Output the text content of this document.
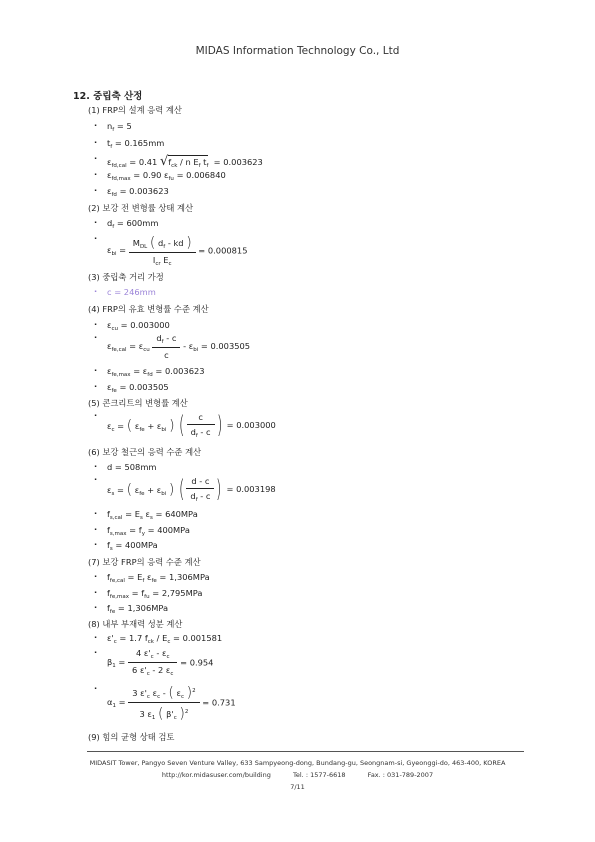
MIDAS Information Technology Co., Ltd
12. 중립축 산정
(1) FRP의 설계 응력 계산
· $n_f = 5$
· $t_f = 0.165mm$
· $\varepsilon_{fd,cal} = 0.41$ $√f_{ck}$ / n $E_f$ $t_f = 0.003623$
· $\varepsilon_{fd,max} = 0.90$ $\varepsilon_{fu} = 0.006840$
· $\varepsilon_{fd} = 0.003623$
(2) 보강 전 변형률 상태 계산
· $d_f = 600mm$
· $\varepsilon_{bi} = \frac{M_{DL} ( d_f - kd )}{I_{cr} E_c} = 0.000815$
(3) 중립축 거리 가정
· c = 246mm
(4) FRP의 유효 변형률 수준 계산
· $\varepsilon_{cu} = 0.003000$
· $\varepsilon_{fe,cal} = \varepsilon_{cu} \frac{d_f - c}{c} - \varepsilon_{bi} = 0.003505$
· $\varepsilon_{fe,max} = \varepsilon_{fd} = 0.003623$
· $\varepsilon_{fe} = 0.003505$
(5) 콘크리트의 변형률 계산
· $\varepsilon_c$ = ( $\varepsilon_{fe} + \varepsilon_{bi}$ ) ( $\frac{c}{d_f - c}$ ) = 0.003000
(6) 보강 철근의 응력 수준 계산
· d = 508mm
· $\varepsilon_s$ = ( $\varepsilon_{fe} + \varepsilon_{bi}$ ) ( $\frac{d - c}{d_f - c}$ ) = 0.003198
· $f_{s,cal} = E_s$ $\varepsilon_s = 640MPa$
· $f_{s,max} = f_y = 400MPa$
· $f_s = 400MPa$
(7) 보강 FRP의 응력 수준 계산
· $f_{fe,cal} = E_f$ $\varepsilon_{fe} = 1,306MPa$
· $f_{fe,max} = f_{fu} = 2,795MPa$
· $f_{fe} = 1,306MPa$
(8) 내부 부재력 성분 계산
· $\varepsilon'_c = 1.7$ $f_{ck} / E_c = 0.001581$
· $\beta_1 = \frac{4 \varepsilon'_c - \varepsilon_c}{6 \varepsilon'_c - 2 \varepsilon_c} = 0.954$
· $\alpha_1 = \frac{3 \varepsilon'_c \varepsilon_c - ( \varepsilon_c )^2}{3 \varepsilon_1 ( \beta'_c )^2} = 0.731$
(9) 힘의 균형 상태 검토
MIDASIT Tower, Pangyo Seven Venture Valley, 633 Sampyeong-dong, Bundang-gu, Seongnam-si, Gyeonggi-do, 463-400, KOREA
http://kor.midasuser.com/building	Tel. : 1577-6618	Fax. : 031-789-2007
7/11
